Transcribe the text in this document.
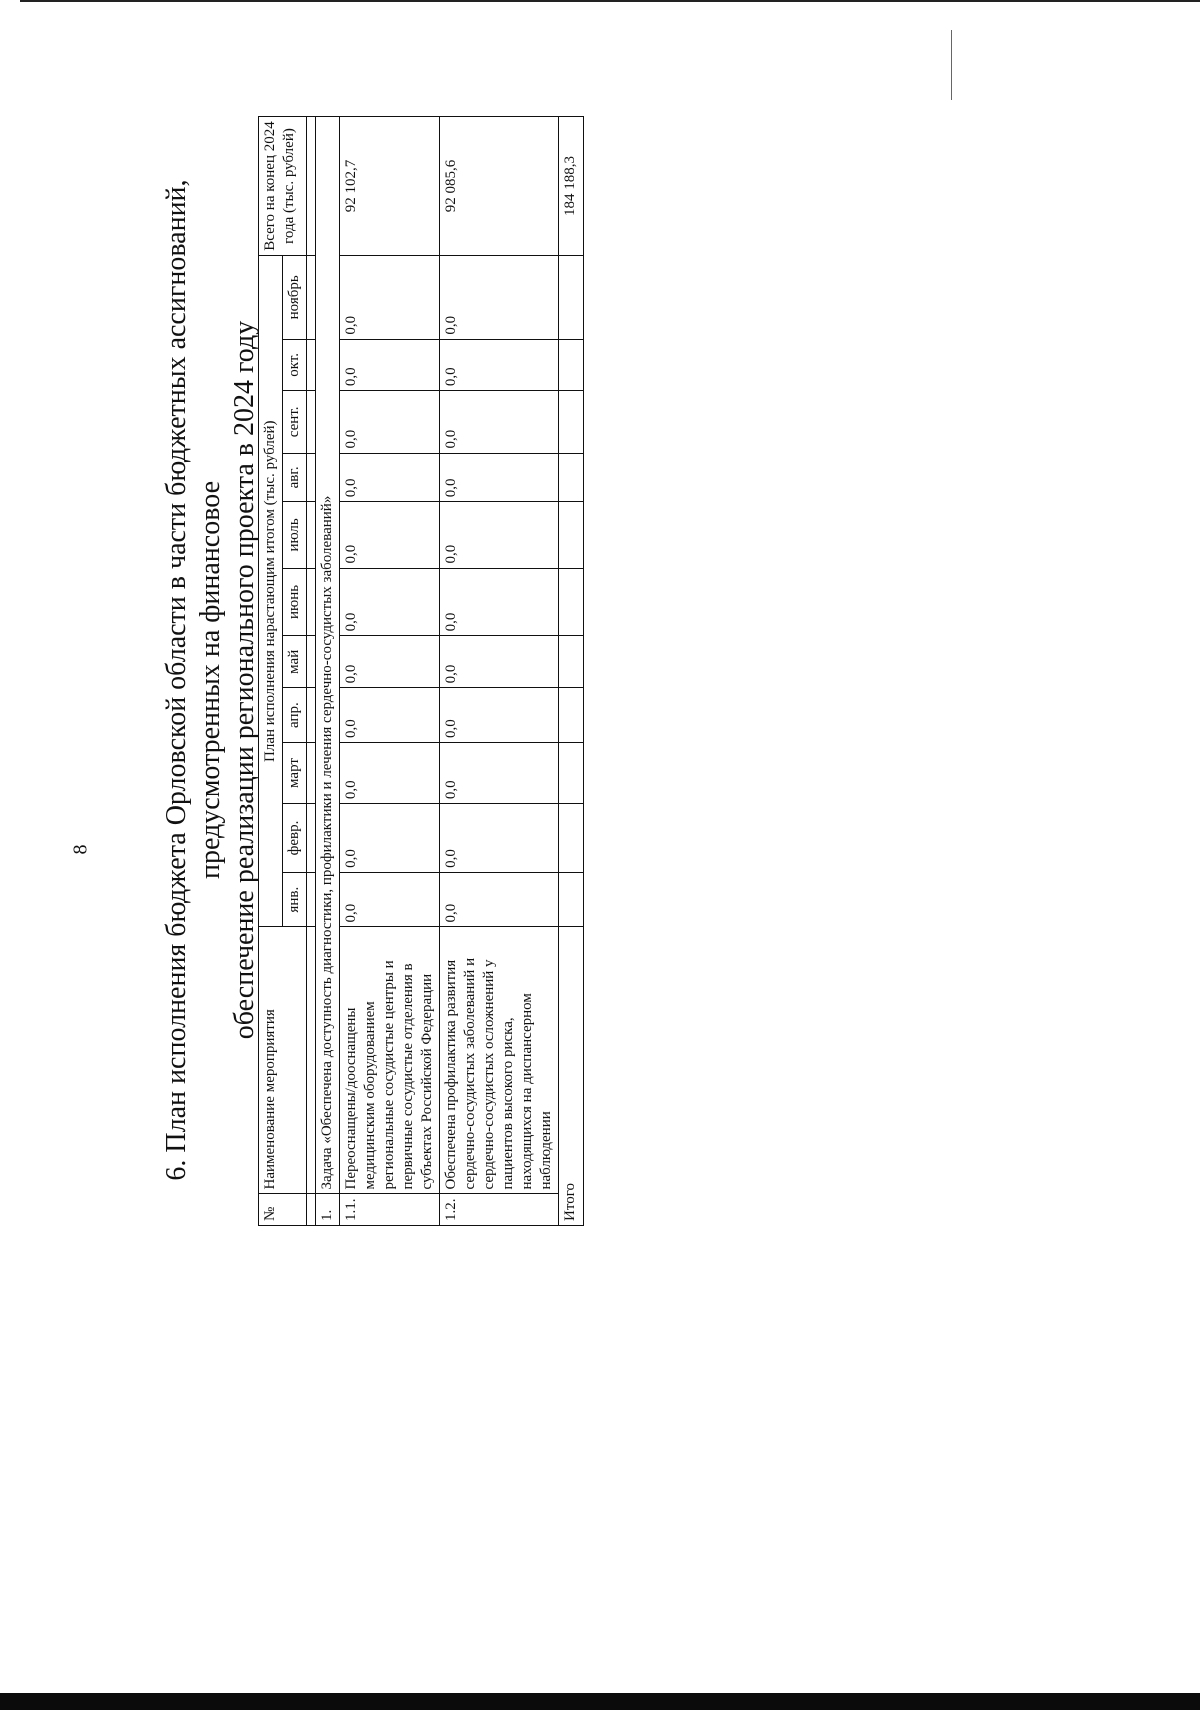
8 6. План исполнения бюджета Орловской области в части бюджетных ассигнований, предусмотренных на финансовое обеспечение реализации регионального проекта в 2024 году
№	Наименование мероприятия	План исполнения нарастающим итогом (тыс. рублей)											Всего на конец 2024 года (тыс. рублей)
		янв.	февр.	март	апр.	май	июнь	июль	авг.	сент.	окт.	ноябрь	

1.	Задача «Обеспечена доступность диагностики, профилактики и лечения сердечно-сосудистых заболеваний»												
1.1.	Переоснащены/дооснащены медицинским оборудованием региональные сосудистые центры и первичные сосудистые отделения в субъектах Российской Федерации	0,0	0,0	0,0	0,0	0,0	0,0	0,0	0,0	0,0	0,0	0,0	92 102,7
1.2.	Обеспечена профилактика развития сердечно-сосудистых заболеваний и сердечно-сосудистых осложнений у пациентов высокого риска, находящихся на диспансерном наблюдении	0,0	0,0	0,0	0,0	0,0	0,0	0,0	0,0	0,0	0,0	0,0	92 085,6
Итого													184 188,3
